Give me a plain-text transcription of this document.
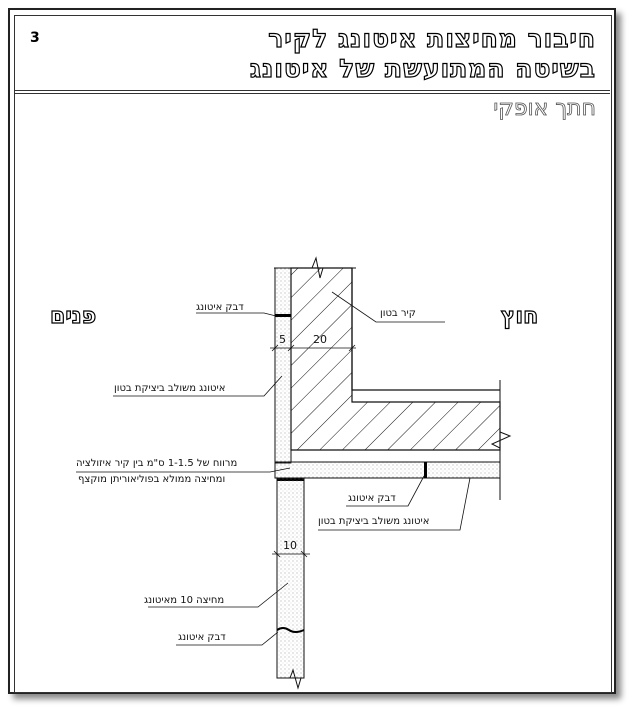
3	חיבור מחיצות איטונג לקיר
בשיטה המתועשת של איטונג
חתך אופקי
פנים	חוץ
דבק איטונג
קיר בטון
איטונג משולב ביציקת בטון
מרווח של 1-1.5 ס"מ בין קיר איזולציה
ומחיצה ממולא בפוליאוריתן מוקצף
דבק איטונג
איטונג משולב ביציקת בטון
מחיצה 10 מאיטונג
דבק איטונג
5 20
10
